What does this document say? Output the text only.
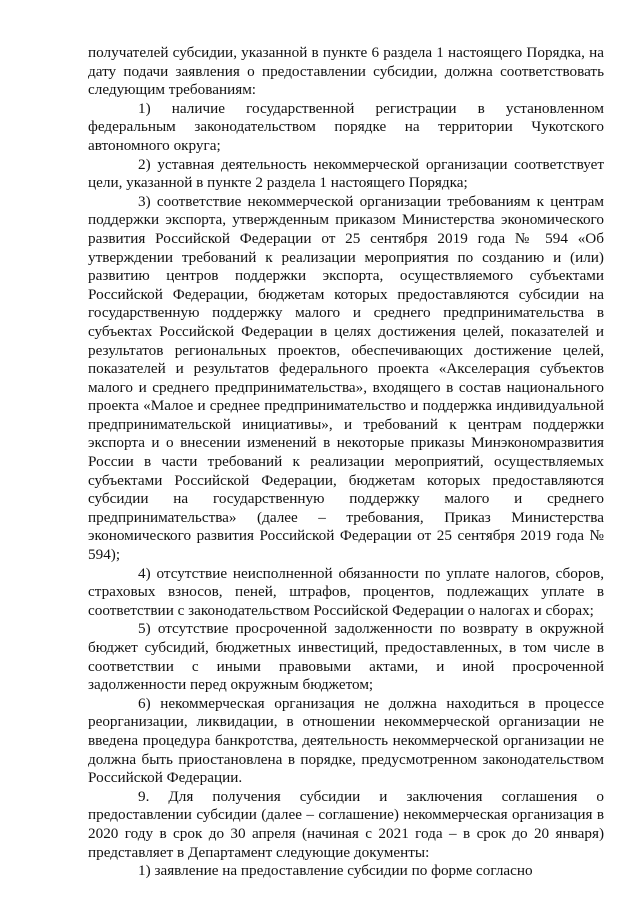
получателей субсидии, указанной в пункте 6 раздела 1 настоящего Порядка, на дату подачи заявления о предоставлении субсидии, должна соответствовать следующим требованиям:

1) наличие государственной регистрации в установленном федеральным законодательством порядке на территории Чукотского автономного округа;

2) уставная деятельность некоммерческой организации соответствует цели, указанной в пункте 2 раздела 1 настоящего Порядка;

3) соответствие некоммерческой организации требованиям к центрам поддержки экспорта, утвержденным приказом Министерства экономического развития Российской Федерации от 25 сентября 2019 года № 594 «Об утверждении требований к реализации мероприятия по созданию и (или) развитию центров поддержки экспорта, осуществляемого субъектами Российской Федерации, бюджетам которых предоставляются субсидии на государственную поддержку малого и среднего предпринимательства в субъектах Российской Федерации в целях достижения целей, показателей и результатов региональных проектов, обеспечивающих достижение целей, показателей и результатов федерального проекта «Акселерация субъектов малого и среднего предпринимательства», входящего в состав национального проекта «Малое и среднее предпринимательство и поддержка индивидуальной предпринимательской инициативы», и требований к центрам поддержки экспорта и о внесении изменений в некоторые приказы Минэкономразвития России в части требований к реализации мероприятий, осуществляемых субъектами Российской Федерации, бюджетам которых предоставляются субсидии на государственную поддержку малого и среднего предпринимательства» (далее – требования, Приказ Министерства экономического развития Российской Федерации от 25 сентября 2019 года № 594);

4) отсутствие неисполненной обязанности по уплате налогов, сборов, страховых взносов, пеней, штрафов, процентов, подлежащих уплате в соответствии с законодательством Российской Федерации о налогах и сборах;

5) отсутствие просроченной задолженности по возврату в окружной бюджет субсидий, бюджетных инвестиций, предоставленных, в том числе в соответствии с иными правовыми актами, и иной просроченной задолженности перед окружным бюджетом;

6) некоммерческая организация не должна находиться в процессе реорганизации, ликвидации, в отношении некоммерческой организации не введена процедура банкротства, деятельность некоммерческой организации не должна быть приостановлена в порядке, предусмотренном законодательством Российской Федерации.

9. Для получения субсидии и заключения соглашения о предоставлении субсидии (далее – соглашение) некоммерческая организация в 2020 году в срок до 30 апреля (начиная с 2021 года – в срок до 20 января) представляет в Департамент следующие документы:

1) заявление на предоставление субсидии по форме согласно
